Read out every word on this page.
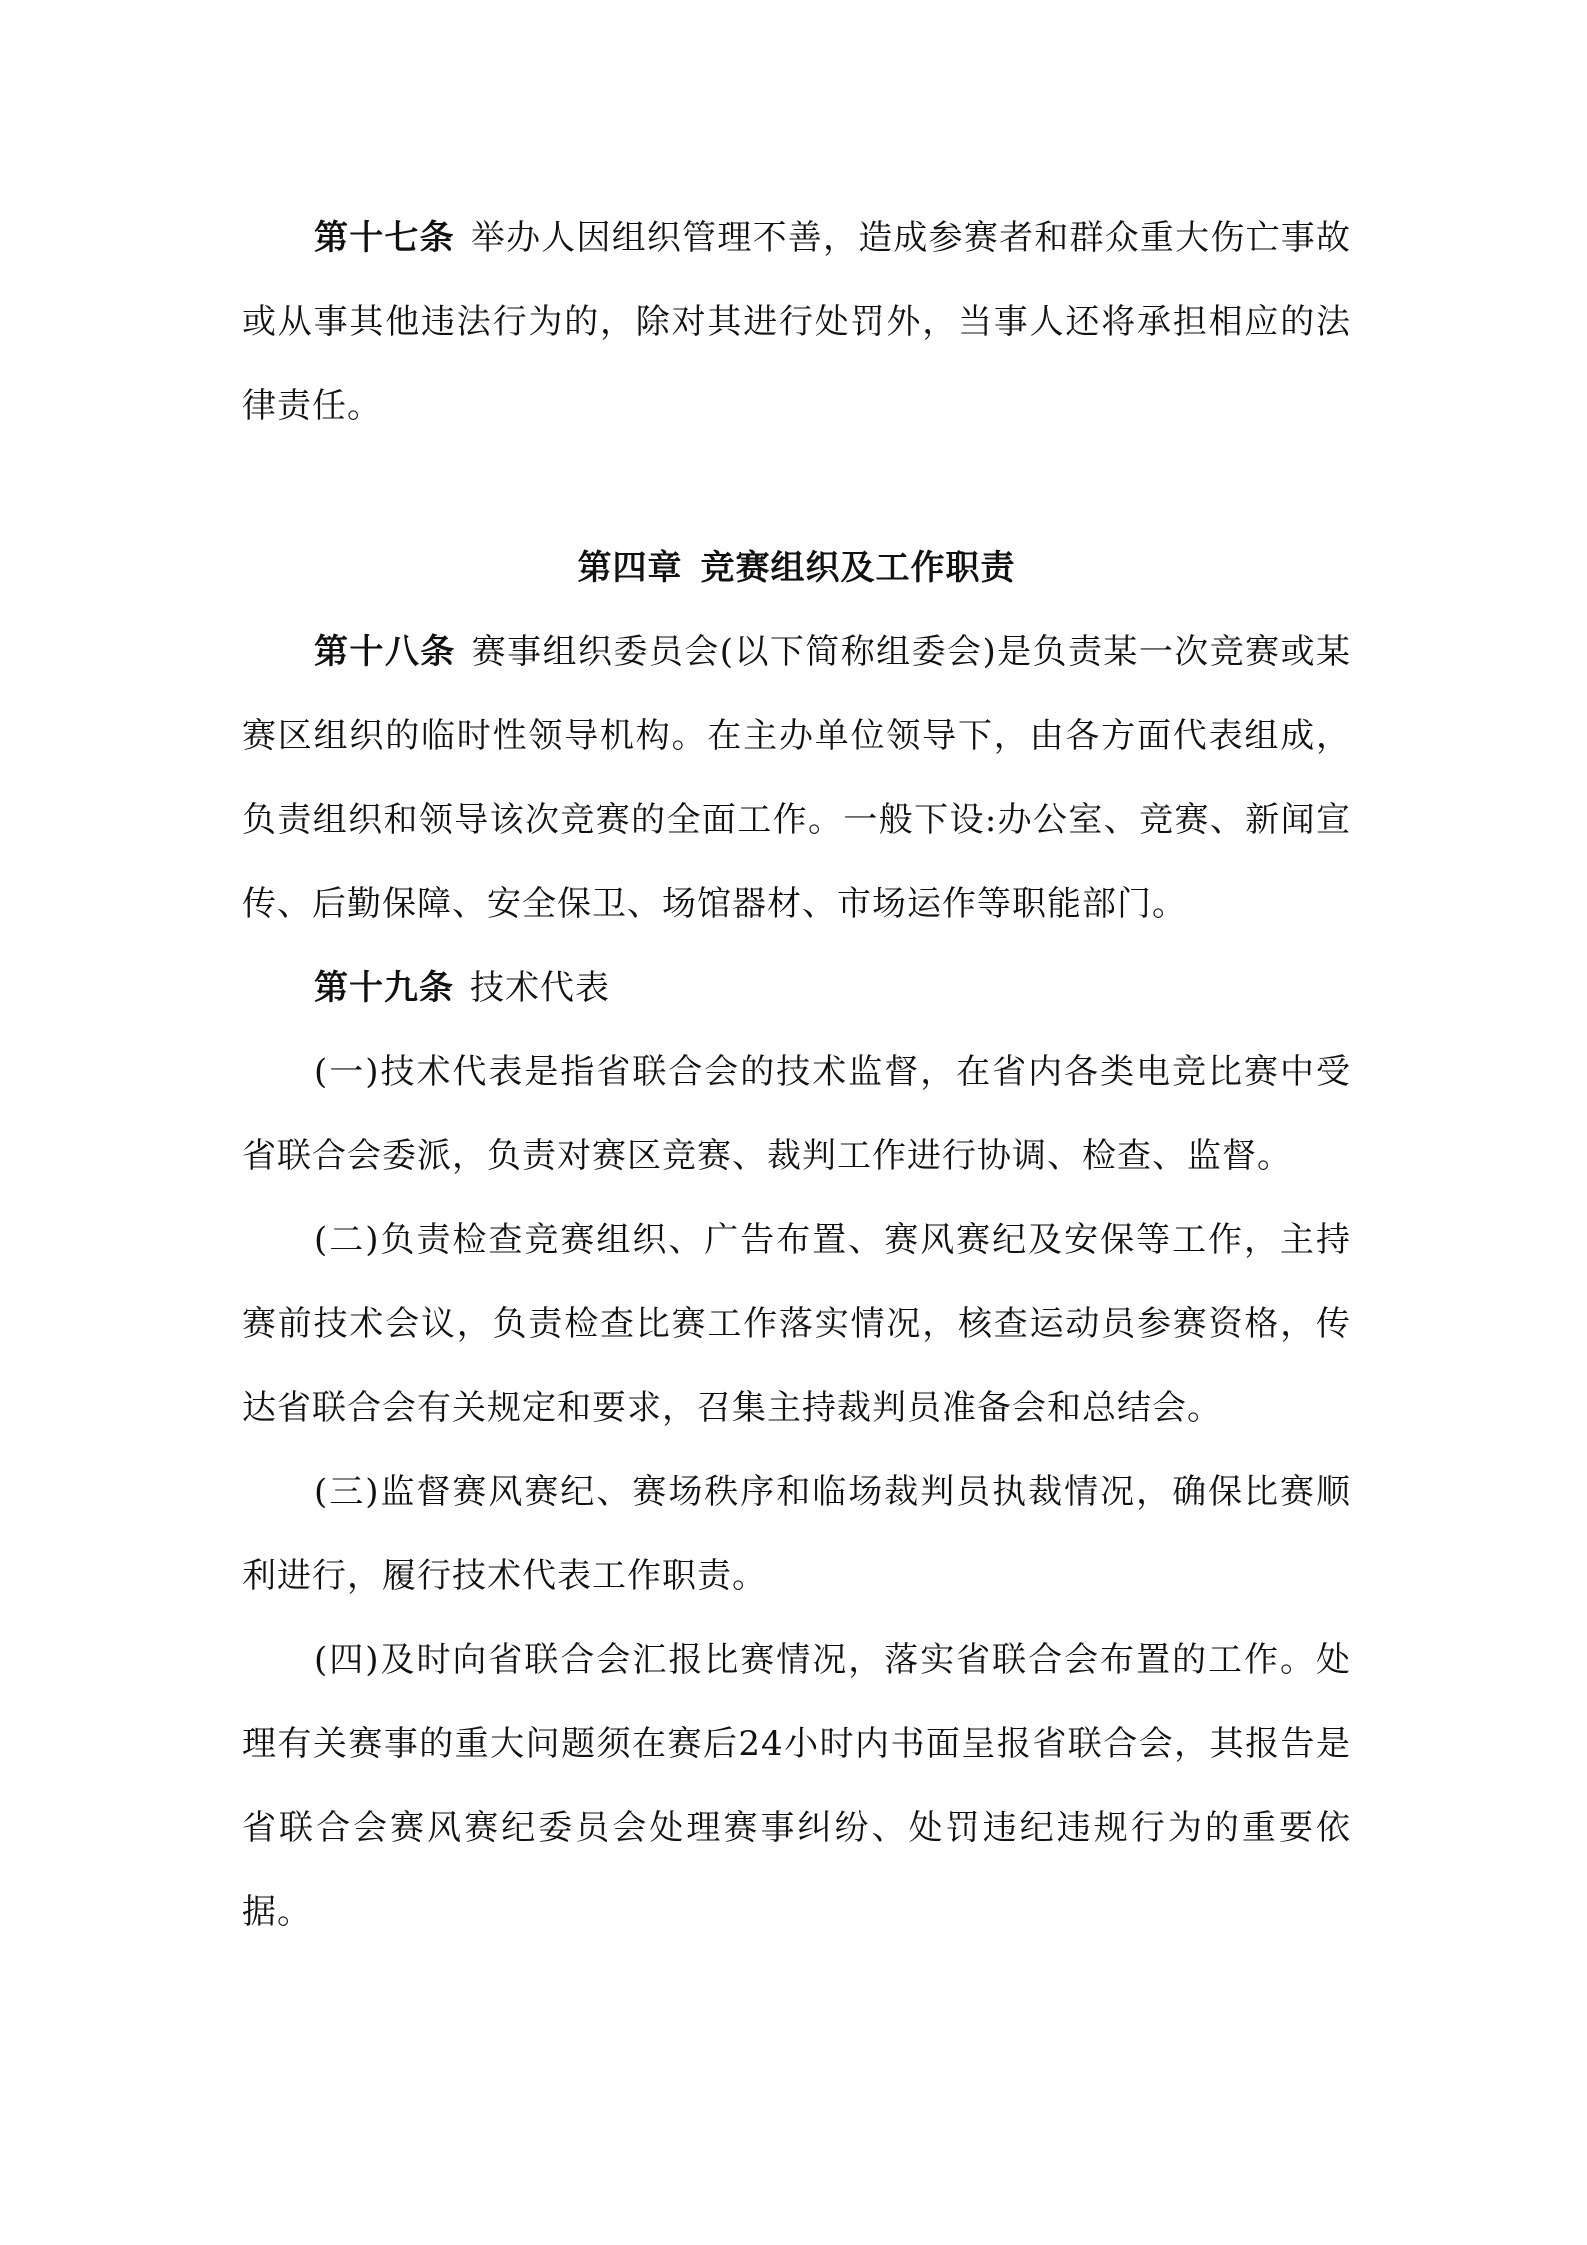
第十七条 举办人因组织管理不善，造成参赛者和群众重大伤亡事故或从事其他违法行为的，除对其进行处罚外，当事人还将承担相应的法律责任。

第四章 竞赛组织及工作职责

第十八条 赛事组织委员会(以下简称组委会)是负责某一次竞赛或某赛区组织的临时性领导机构。在主办单位领导下，由各方面代表组成，负责组织和领导该次竞赛的全面工作。一般下设:办公室、竞赛、新闻宣传、后勤保障、安全保卫、场馆器材、市场运作等职能部门。

第十九条 技术代表

(一)技术代表是指省联合会的技术监督，在省内各类电竞比赛中受省联合会委派，负责对赛区竞赛、裁判工作进行协调、检查、监督。

(二)负责检查竞赛组织、广告布置、赛风赛纪及安保等工作，主持赛前技术会议，负责检查比赛工作落实情况，核查运动员参赛资格，传达省联合会有关规定和要求，召集主持裁判员准备会和总结会。

(三)监督赛风赛纪、赛场秩序和临场裁判员执裁情况，确保比赛顺利进行，履行技术代表工作职责。

(四)及时向省联合会汇报比赛情况，落实省联合会布置的工作。处理有关赛事的重大问题须在赛后24小时内书面呈报省联合会，其报告是省联合会赛风赛纪委员会处理赛事纠纷、处罚违纪违规行为的重要依据。
